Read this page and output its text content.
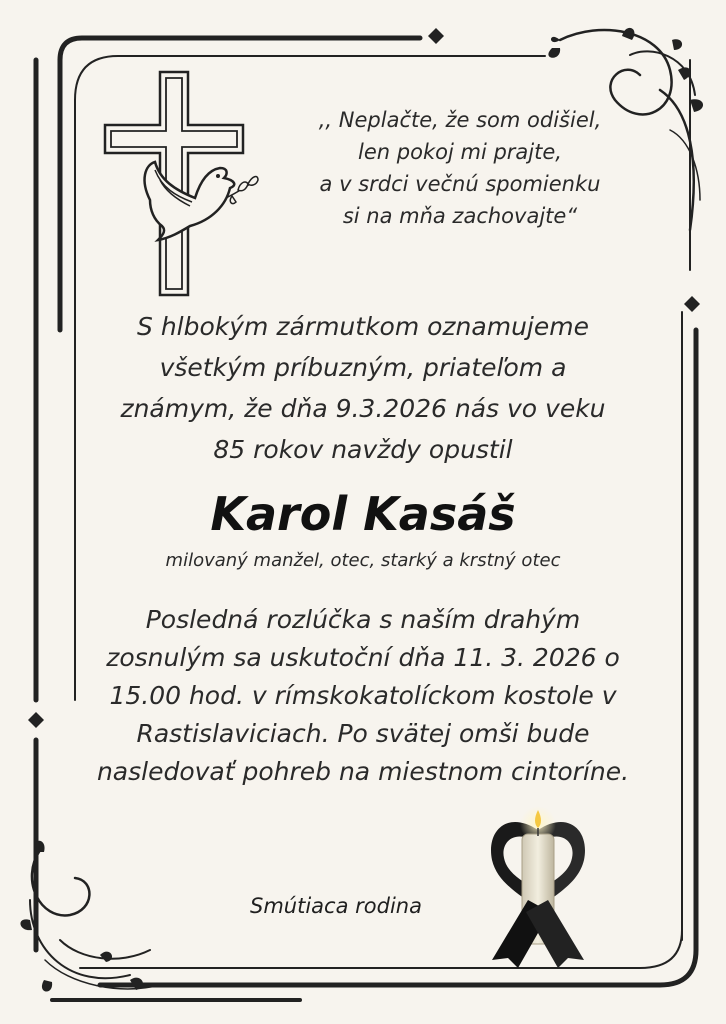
,, Neplačte, že som odišiel,
len pokoj mi prajte,
a v srdci večnú spomienku
si na mňa zachovajte“
S hlbokým zármutkom oznamujeme
všetkým príbuzným, priateľom a
známym, že dňa 9.3.2026 nás vo veku
85 rokov navždy opustil
Karol Kasáš
milovaný manžel, otec, starký a krstný otec
Posledná rozlúčka s naším drahým
zosnulým sa uskutoční dňa 11. 3. 2026 o
15.00 hod. v rímskokatolíckom kostole v
Rastislaviciach. Po svätej omši bude
nasledovať pohreb na miestnom cintoríne.
Smútiaca rodina
